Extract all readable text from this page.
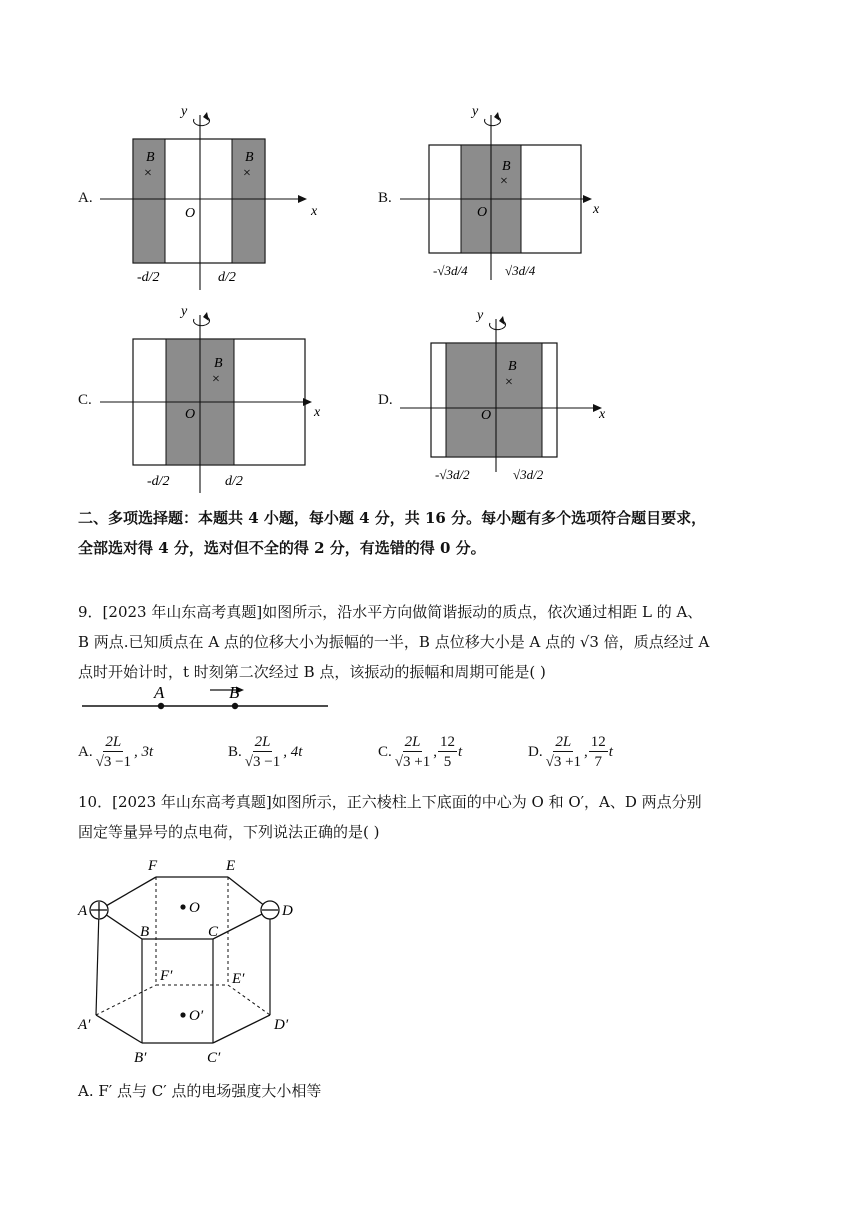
A.	B.
C.	D.
y
x
O
B
×
B
×
-d/2	d/2
y
x
O
B
×
-√3d/4	√3d/4
y
x
O
B
×
-d/2	d/2
y
x
O
B
×
-√3d/2	√3d/2
二、多项选择题：本题共 4 小题，每小题 4 分，共 16 分。每小题有多个选项符合题目要求，
全部选对得 4 分，选对但不全的得 2 分，有选错的得 0 分。
9．[2023 年山东高考真题]如图所示，沿水平方向做简谐振动的质点，依次通过相距 L 的 A、
B 两点.已知质点在 A 点的位移大小为振幅的一半，B 点位移大小是 A 点的 √3 倍，质点经过 A
点时开始计时，t 时刻第二次经过 B 点，该振动的振幅和周期可能是( )
A	B
A. $\frac{2L}{√3 -1}$ , 3t	B. $\frac{2L}{√3 -1}$ , 4t	C. $\frac{2L}{√3 +1}$ , $\frac{12}{5}$ t	D. $\frac{2L}{√3 +1}$ , $\frac{12}{7}$ t
10．[2023 年山东高考真题]如图所示，正六棱柱上下底面的中心为 O 和 O′，A、D 两点分别
固定等量异号的点电荷，下列说法正确的是( )
A
F	E
D
B	C
O
F′	E′
A′	D′
O′
B′	C′
A. F′ 点与 C′ 点的电场强度大小相等
